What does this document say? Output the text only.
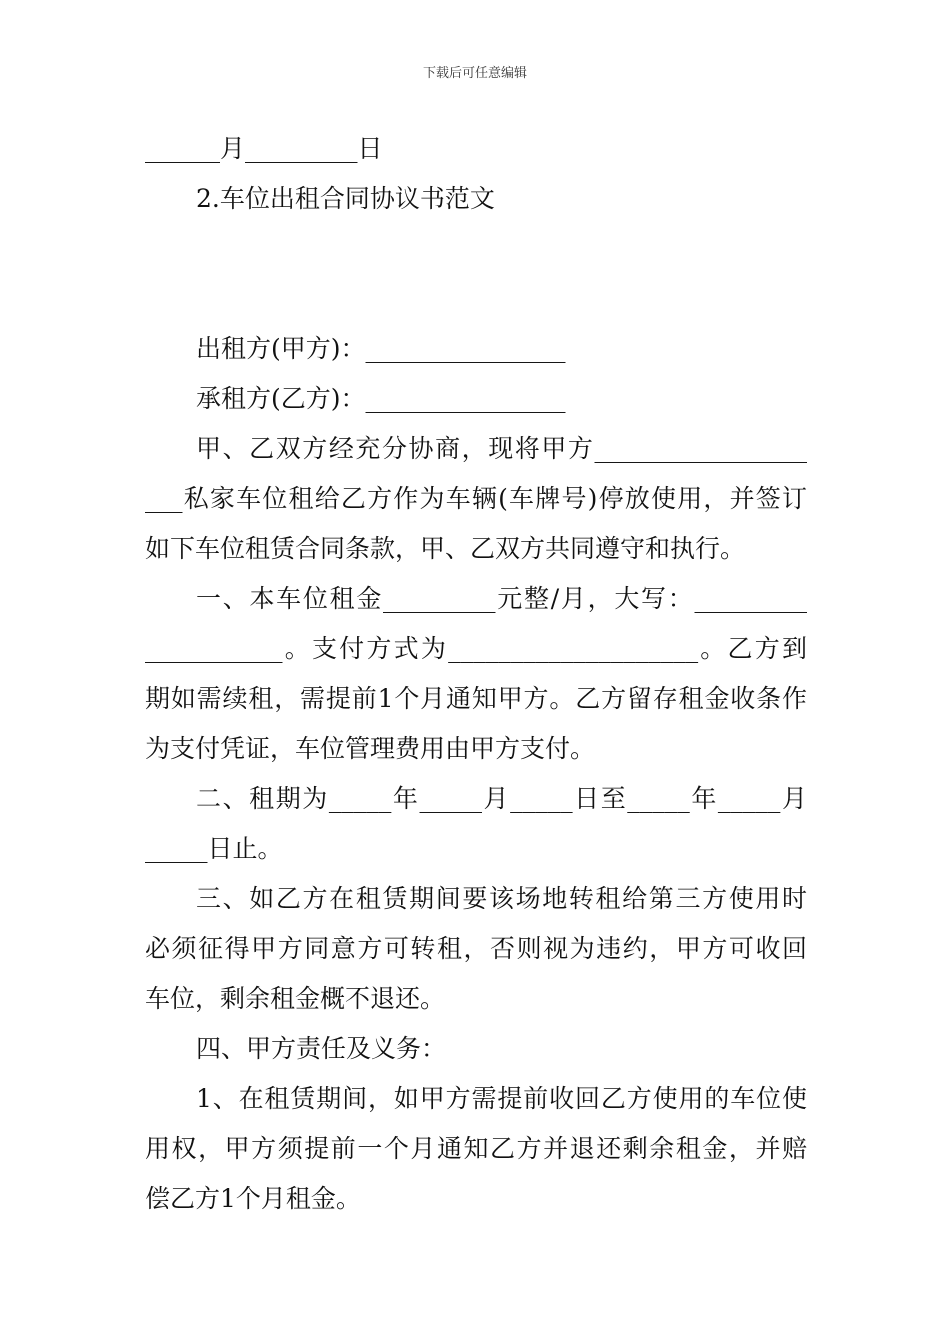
下载后可任意编辑
______月_________日
2.车位出租合同协议书范文
出租方(甲方)：________________
承租方(乙方)：________________
甲、乙双方经充分协商，现将甲方_________________
___私家车位租给乙方作为车辆(车牌号)停放使用，并签订
如下车位租赁合同条款，甲、乙双方共同遵守和执行。
一、本车位租金_________元整/月，大写：_________
___________。支付方式为____________________。乙方到
期如需续租，需提前1个月通知甲方。乙方留存租金收条作
为支付凭证，车位管理费用由甲方支付。
二、租期为_____年_____月_____日至_____年_____月
_____日止。
三、如乙方在租赁期间要该场地转租给第三方使用时
必须征得甲方同意方可转租，否则视为违约，甲方可收回
车位，剩余租金概不退还。
四、甲方责任及义务：
1、在租赁期间，如甲方需提前收回乙方使用的车位使
用权，甲方须提前一个月通知乙方并退还剩余租金，并赔
偿乙方1个月租金。
